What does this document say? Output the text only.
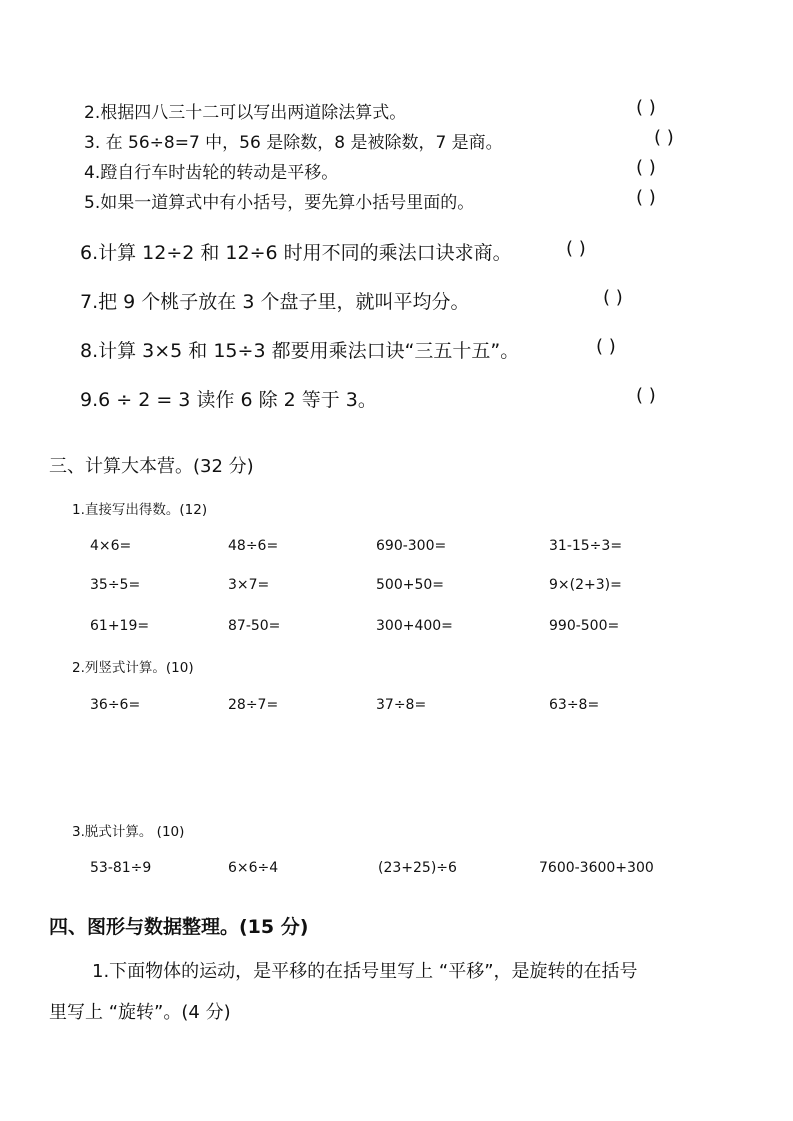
2.根据四八三十二可以写出两道除法算式。	( )
3. 在 56÷8=7 中，56 是除数，8 是被除数，7 是商。	( )
4.蹬自行车时齿轮的转动是平移。	( )
5.如果一道算式中有小括号，要先算小括号里面的。	( )
6.计算 12÷2 和 12÷6 时用不同的乘法口诀求商。	( )
7.把 9 个桃子放在 3 个盘子里，就叫平均分。	( )
8.计算 3×5 和 15÷3 都要用乘法口诀“三五十五”。	( )
9.6 ÷ 2 = 3 读作 6 除 2 等于 3。	( )
三、计算大本营。(32 分)
1.直接写出得数。(12)
4×6=	48÷6=	690-300=	31-15÷3=
35÷5=	3×7=	500+50=	9×(2+3)=
61+19=	87-50=	300+400=	990-500=
2.列竖式计算。(10)
36÷6=	28÷7=	37÷8=	63÷8=
3.脱式计算。 (10)
53-81÷9	6×6÷4	(23+25)÷6	7600-3600+300
四、图形与数据整理。(15 分)
1.下面物体的运动，是平移的在括号里写上 “平移”，是旋转的在括号
里写上 “旋转”。(4 分)
